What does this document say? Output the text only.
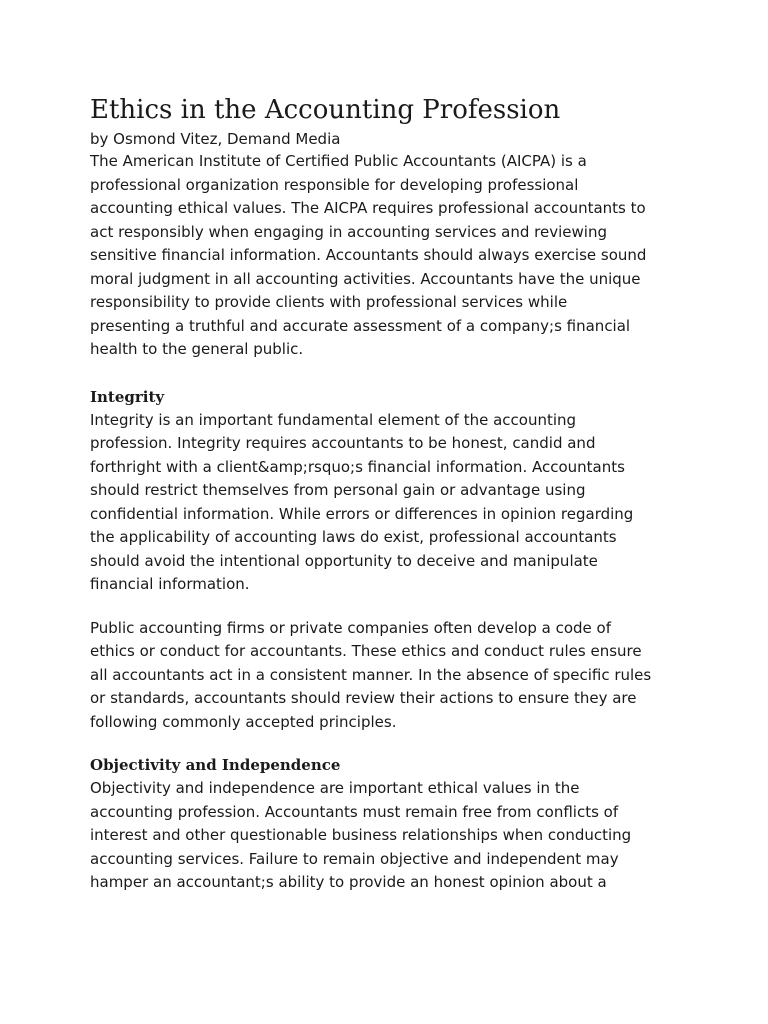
Ethics in the Accounting Profession

by Osmond Vitez, Demand Media

The American Institute of Certified Public Accountants (AICPA) is a
professional organization responsible for developing professional
accounting ethical values. The AICPA requires professional accountants to
act responsibly when engaging in accounting services and reviewing
sensitive financial information. Accountants should always exercise sound
moral judgment in all accounting activities. Accountants have the unique
responsibility to provide clients with professional services while
presenting a truthful and accurate assessment of a company;s financial
health to the general public.

Integrity

Integrity is an important fundamental element of the accounting
profession. Integrity requires accountants to be honest, candid and
forthright with a client&amp;rsquo;s financial information. Accountants
should restrict themselves from personal gain or advantage using
confidential information. While errors or differences in opinion regarding
the applicability of accounting laws do exist, professional accountants
should avoid the intentional opportunity to deceive and manipulate
financial information.

Public accounting firms or private companies often develop a code of
ethics or conduct for accountants. These ethics and conduct rules ensure
all accountants act in a consistent manner. In the absence of specific rules
or standards, accountants should review their actions to ensure they are
following commonly accepted principles.

Objectivity and Independence

Objectivity and independence are important ethical values in the
accounting profession. Accountants must remain free from conflicts of
interest and other questionable business relationships when conducting
accounting services. Failure to remain objective and independent may
hamper an accountant;s ability to provide an honest opinion about a
